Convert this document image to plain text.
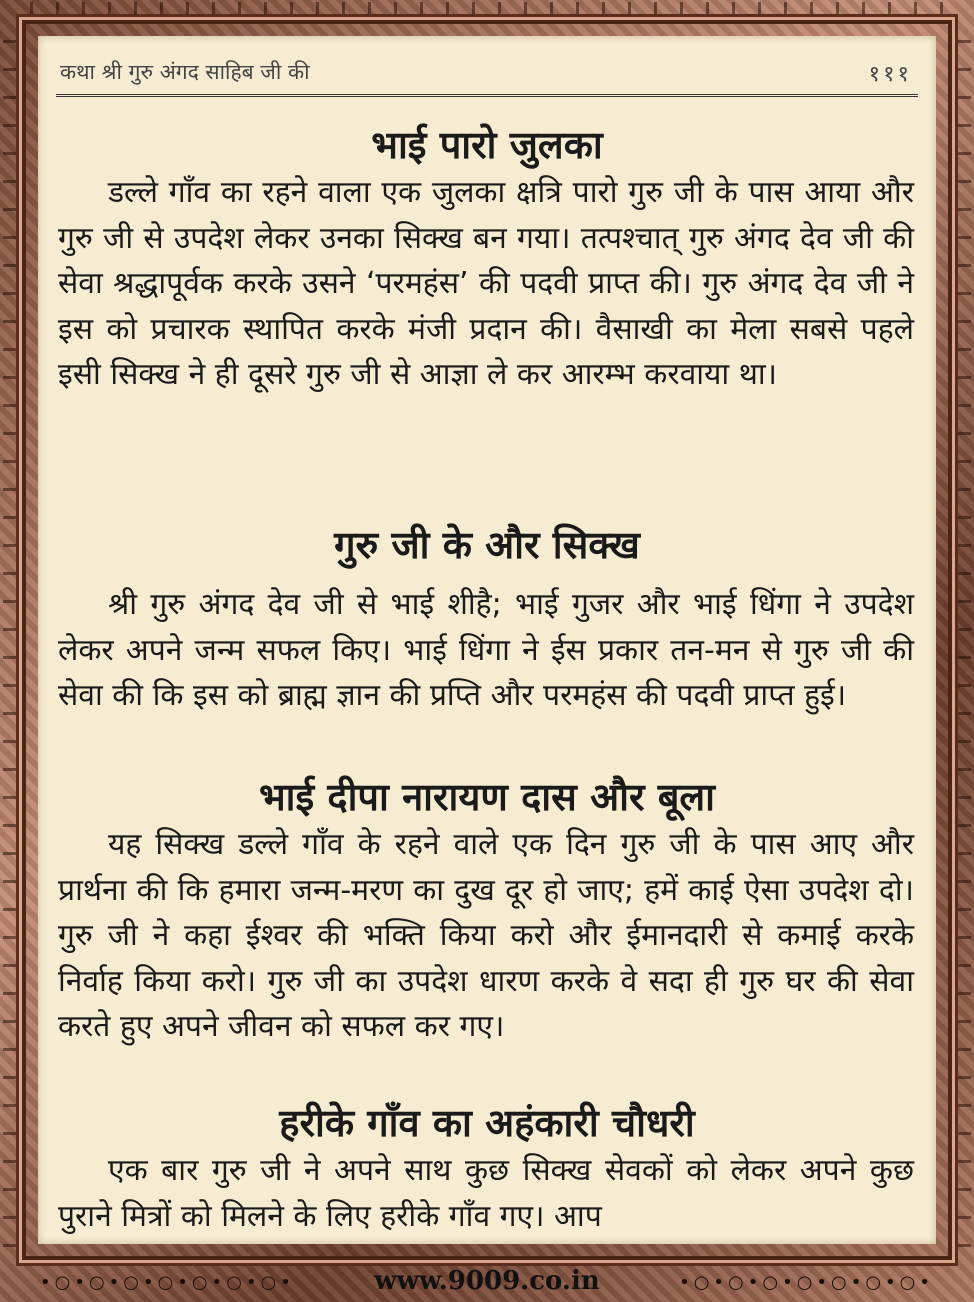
कथा श्री गुरु अंगद साहिब जी की	१११
भाई पारो जुलका
डल्ले गाँव का रहने वाला एक जुलका क्षत्रि पारो गुरु जी के पास आया और गुरु जी से उपदेश लेकर उनका सिक्ख बन गया। तत्पश्चात् गुरु अंगद देव जी की सेवा श्रद्धापूर्वक करके उसने ‘परमहंस’ की पदवी प्राप्त की। गुरु अंगद देव जी ने इस को प्रचारक स्थापित करके मंजी प्रदान की। वैसाखी का मेला सबसे पहले इसी सिक्ख ने ही दूसरे गुरु जी से आज्ञा ले कर आरम्भ करवाया था।
गुरु जी के और सिक्ख
श्री गुरु अंगद देव जी से भाई शीहै; भाई गुजर और भाई धिंगा ने उपदेश लेकर अपने जन्म सफल किए। भाई धिंगा ने ईस प्रकार तन-मन से गुरु जी की सेवा की कि इस को ब्राह्म ज्ञान की प्रप्ति और परमहंस की पदवी प्राप्त हुई।
भाई दीपा नारायण दास और बूला
यह सिक्ख डल्ले गाँव के रहने वाले एक दिन गुरु जी के पास आए और प्रार्थना की कि हमारा जन्म-मरण का दुख दूर हो जाए; हमें काई ऐसा उपदेश दो। गुरु जी ने कहा ईश्वर की भक्ति किया करो और ईमानदारी से कमाई करके निर्वाह किया करो। गुरु जी का उपदेश धारण करके वे सदा ही गुरु घर की सेवा करते हुए अपने जीवन को सफल कर गए।
हरीके गाँव का अहंकारी चौधरी
एक बार गुरु जी ने अपने साथ कुछ सिक्ख सेवकों को लेकर अपने कुछ पुराने मित्रों को मिलने के लिए हरीके गाँव गए। आप
•○•○•○•○•○•○•○•	www.9009.co.in	•○•○•○•○•○•○•○•
